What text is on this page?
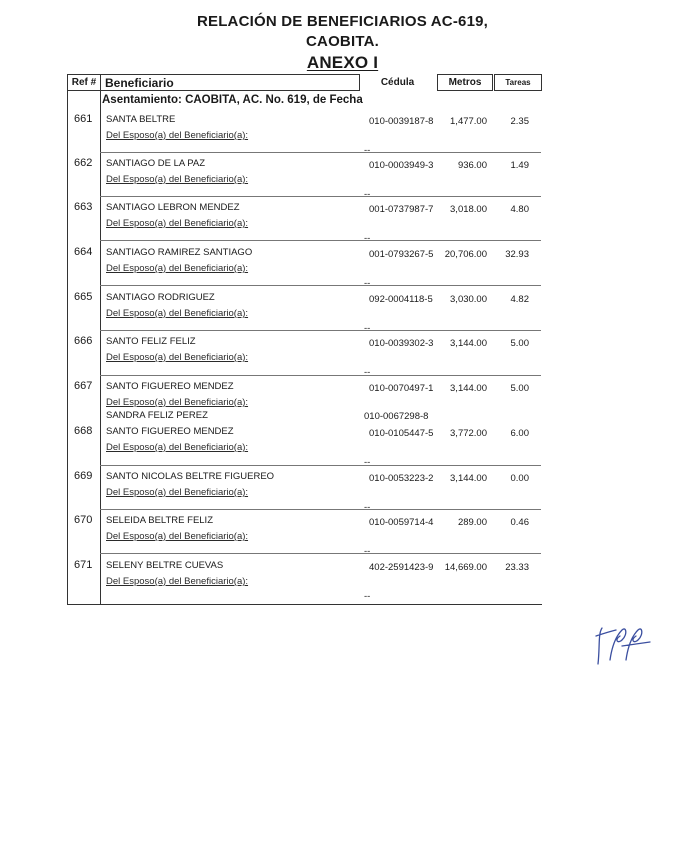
RELACIÓN DE BENEFICIARIOS AC-619,
CAOBITA.
ANEXO I
Ref # Beneficiario	Cédula	Metros	Tareas
Asentamiento: CAOBITA, AC. No. 619, de Fecha
661 SANTA BELTRE	010-0039187-8	1,477.00	2.35
Del Esposo(a) del Beneficiario(a):
--
662 SANTIAGO DE LA PAZ	010-0003949-3	936.00	1.49
Del Esposo(a) del Beneficiario(a):
--
663 SANTIAGO LEBRON MENDEZ	001-0737987-7	3,018.00	4.80
Del Esposo(a) del Beneficiario(a):
--
664 SANTIAGO RAMIREZ SANTIAGO	001-0793267-5	20,706.00	32.93
Del Esposo(a) del Beneficiario(a):
--
665 SANTIAGO RODRIGUEZ	092-0004118-5	3,030.00	4.82
Del Esposo(a) del Beneficiario(a):
--
666 SANTO FELIZ FELIZ	010-0039302-3	3,144.00	5.00
Del Esposo(a) del Beneficiario(a):
--
667 SANTO FIGUEREO MENDEZ	010-0070497-1	3,144.00	5.00
Del Esposo(a) del Beneficiario(a):
SANDRA FELIZ PEREZ	010-0067298-8
668 SANTO FIGUEREO MENDEZ	010-0105447-5	3,772.00	6.00
Del Esposo(a) del Beneficiario(a):
--
669 SANTO NICOLAS BELTRE FIGUEREO	010-0053223-2	3,144.00	0.00
Del Esposo(a) del Beneficiario(a):
--
670 SELEIDA BELTRE FELIZ	010-0059714-4	289.00	0.46
Del Esposo(a) del Beneficiario(a):
--
671 SELENY BELTRE CUEVAS	402-2591423-9	14,669.00	23.33
Del Esposo(a) del Beneficiario(a):
--
